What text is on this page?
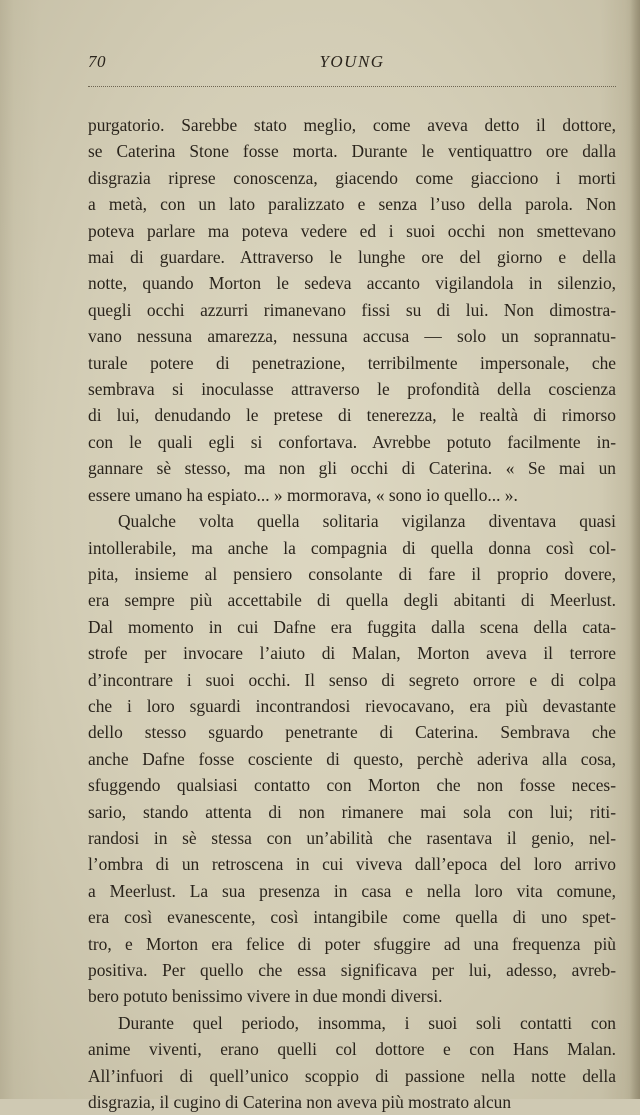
70	YOUNG
purgatorio. Sarebbe stato meglio, come aveva detto il dottore,
se Caterina Stone fosse morta. Durante le ventiquattro ore dalla
disgrazia riprese conoscenza, giacendo come giacciono i morti
a metà, con un lato paralizzato e senza l’uso della parola. Non
poteva parlare ma poteva vedere ed i suoi occhi non smettevano
mai di guardare. Attraverso le lunghe ore del giorno e della
notte, quando Morton le sedeva accanto vigilandola in silenzio,
quegli occhi azzurri rimanevano fissi su di lui. Non dimostra-
vano nessuna amarezza, nessuna accusa — solo un soprannatu-
turale potere di penetrazione, terribilmente impersonale, che
sembrava si inoculasse attraverso le profondità della coscienza
di lui, denudando le pretese di tenerezza, le realtà di rimorso
con le quali egli si confortava. Avrebbe potuto facilmente in-
gannare sè stesso, ma non gli occhi di Caterina. « Se mai un
essere umano ha espiato... » mormorava, « sono io quello... ».
Qualche volta quella solitaria vigilanza diventava quasi
intollerabile, ma anche la compagnia di quella donna così col-
pita, insieme al pensiero consolante di fare il proprio dovere,
era sempre più accettabile di quella degli abitanti di Meerlust.
Dal momento in cui Dafne era fuggita dalla scena della cata-
strofe per invocare l’aiuto di Malan, Morton aveva il terrore
d’incontrare i suoi occhi. Il senso di segreto orrore e di colpa
che i loro sguardi incontrandosi rievocavano, era più devastante
dello stesso sguardo penetrante di Caterina. Sembrava che
anche Dafne fosse cosciente di questo, perchè aderiva alla cosa,
sfuggendo qualsiasi contatto con Morton che non fosse neces-
sario, stando attenta di non rimanere mai sola con lui; riti-
randosi in sè stessa con un’abilità che rasentava il genio, nel-
l’ombra di un retroscena in cui viveva dall’epoca del loro arrivo
a Meerlust. La sua presenza in casa e nella loro vita comune,
era così evanescente, così intangibile come quella di uno spet-
tro, e Morton era felice di poter sfuggire ad una frequenza più
positiva. Per quello che essa significava per lui, adesso, avreb-
bero potuto benissimo vivere in due mondi diversi.
Durante quel periodo, insomma, i suoi soli contatti con
anime viventi, erano quelli col dottore e con Hans Malan.
All’infuori di quell’unico scoppio di passione nella notte della
disgrazia, il cugino di Caterina non aveva più mostrato alcun
